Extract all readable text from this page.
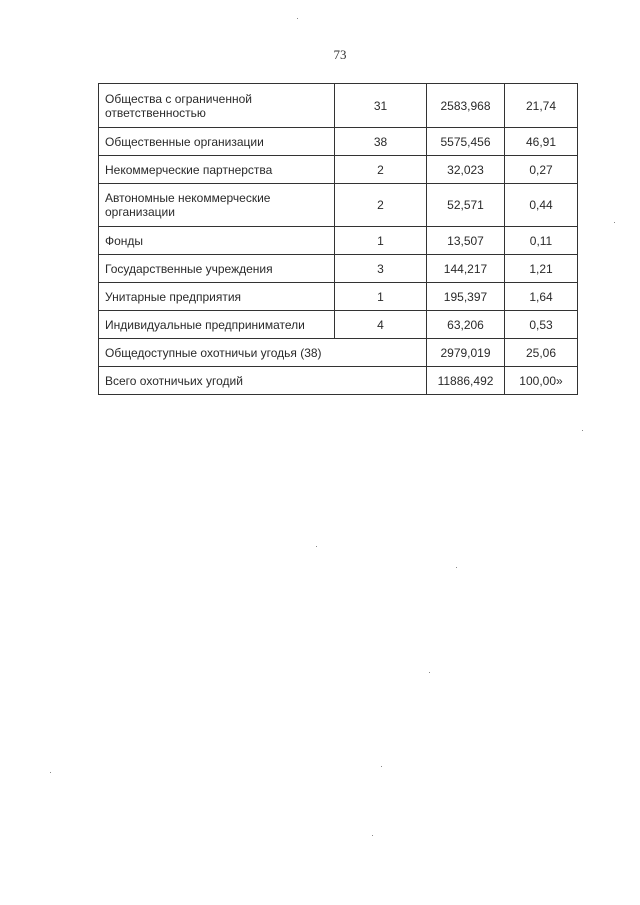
73
Общества с ограниченной ответственностью	31	2583,968	21,74
Общественные организации	38	5575,456	46,91
Некоммерческие партнерства	2	32,023	0,27
Автономные некоммерческие организации	2	52,571	0,44
Фонды	1	13,507	0,11
Государственные учреждения	3	144,217	1,21
Унитарные предприятия	1	195,397	1,64
Индивидуальные предприниматели	4	63,206	0,53
Общедоступные охотничьи угодья (38)		2979,019	25,06
Всего охотничьих угодий		11886,492	100,00»
